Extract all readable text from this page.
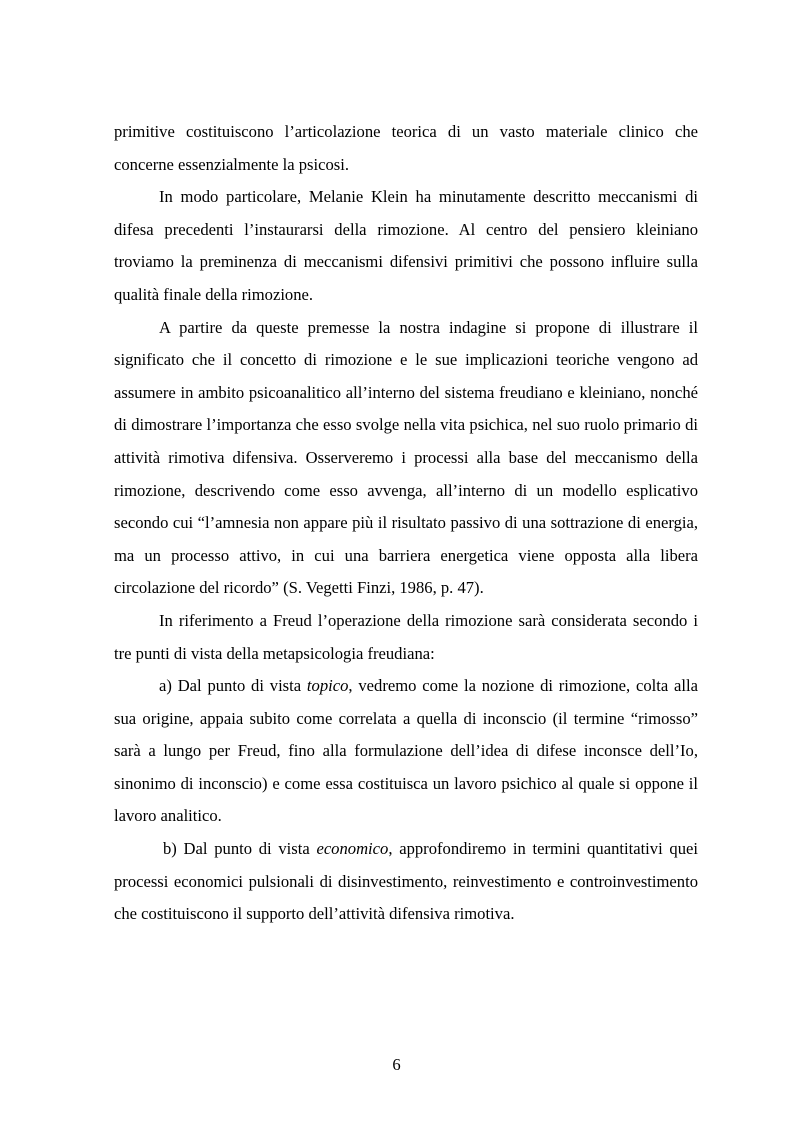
primitive costituiscono l’articolazione teorica di un vasto materiale clinico che concerne essenzialmente la psicosi.

In modo particolare, Melanie Klein ha minutamente descritto meccanismi di difesa precedenti l’instaurarsi della rimozione. Al centro del pensiero kleiniano troviamo la preminenza di meccanismi difensivi primitivi che possono influire sulla qualità finale della rimozione.

A partire da queste premesse la nostra indagine si propone di illustrare il significato che il concetto di rimozione e le sue implicazioni teoriche vengono ad assumere in ambito psicoanalitico all’interno del sistema freudiano e kleiniano, nonché di dimostrare l’importanza che esso svolge nella vita psichica, nel suo ruolo primario di attività rimotiva difensiva. Osserveremo i processi alla base del meccanismo della rimozione, descrivendo come esso avvenga, all’interno di un modello esplicativo secondo cui “l’amnesia non appare più il risultato passivo di una sottrazione di energia, ma un processo attivo, in cui una barriera energetica viene opposta alla libera circolazione del ricordo” (S. Vegetti Finzi, 1986, p. 47).

In riferimento a Freud l’operazione della rimozione sarà considerata secondo i tre punti di vista della metapsicologia freudiana:

a) Dal punto di vista topico, vedremo come la nozione di rimozione, colta alla sua origine, appaia subito come correlata a quella di inconscio (il termine “rimosso” sarà a lungo per Freud, fino alla formulazione dell’idea di difese inconsce dell’Io, sinonimo di inconscio) e come essa costituisca un lavoro psichico al quale si oppone il lavoro analitico.

b) Dal punto di vista economico, approfondiremo in termini quantitativi quei processi economici pulsionali di disinvestimento, reinvestimento e controinvestimento che costituiscono il supporto dell’attività difensiva rimotiva.

6
